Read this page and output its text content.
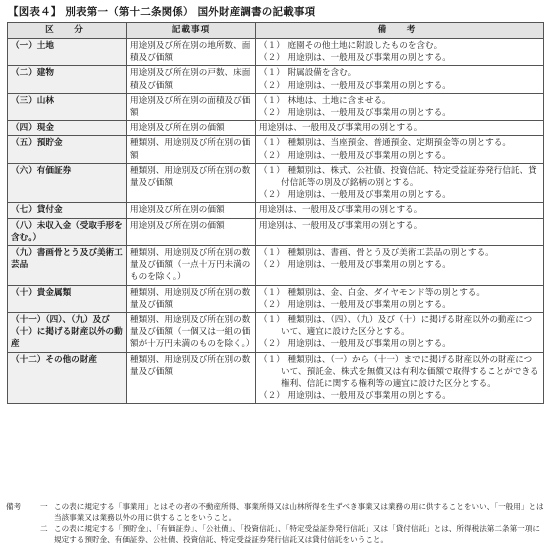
【図表４】 別表第一（第十二条関係） 国外財産調書の記載事項
区　分	記載事項	備　考
（一）土地	用途別及び所在別の地所数、面積及び価額	（１） 庭園その他土地に附設したものを含む。
（２） 用途別は、一般用及び事業用の別とする。

（二）建物	用途別及び所在別の戸数、床面積及び価額	（１） 附属設備を含む。
（２） 用途別は、一般用及び事業用の別とする。

（三）山林	用途別及び所在別の面積及び価額	（１） 林地は、土地に含ませる。
（２） 用途別は、一般用及び事業用の別とする。

（四）現金	用途別及び所在別の価額	用途別は、一般用及び事業用の別とする。

（五）預貯金	種類別、用途別及び所在別の価額	（１） 種類別は、当座預金、普通預金、定期預金等の別とする。
（２） 用途別は、一般用及び事業用の別とする。

（六）有価証券	種類別、用途別及び所在別の数量及び価額	（１） 種類別は、株式、公社債、投資信託、特定受益証券発行信託、貸付信託等の別及び銘柄の別とする。
（２） 用途別は、一般用及び事業用の別とする。

（七）貸付金	用途別及び所在別の価額	用途別は、一般用及び事業用の別とする。

（八）未収入金（受取手形を含む。）	用途別及び所在別の価額	用途別は、一般用及び事業用の別とする。

（九）書画骨とう及び美術工芸品	種類別、用途別及び所在別の数量及び価額（一点十万円未満のものを除く。）	（１） 種類別は、書画、骨とう及び美術工芸品の別とする。
（２） 用途別は、一般用及び事業用の別とする。

（十）貴金属類	種類別、用途別及び所在別の数量及び価額	（１） 種類別は、金、白金、ダイヤモンド等の別とする。
（２） 用途別は、一般用及び事業用の別とする。

（十一）（四）、（九）及び（十）に掲げる財産以外の動産	種類別、用途別及び所在別の数量及び価額（一個又は一組の価額が十万円未満のものを除く。）	（１） 種類別は、（四）、（九）及び（十）に掲げる財産以外の動産について、適宜に設けた区分とする。
（２） 用途別は、一般用及び事業用の別とする。

（十二）その他の財産	種類別、用途別及び所在別の数量及び価額	（１） 種類別は、（一）から（十一）までに掲げる財産以外の財産について、預託金、株式を無償又は有利な価額で取得することができる権利、信託に関する権利等の適宜に設けた区分とする。
（２） 用途別は、一般用及び事業用の別とする。
備考	一 この表に規定する「事業用」とはその者の不動産所得、事業所得又は山林所得を生ずべき事業又は業務の用に供することをいい、「一般用」とは当該事業又は業務以外の用に供することをいうこと。
二 この表に規定する「預貯金」、「有価証券」、「公社債」、「投資信託」、「特定受益証券発行信託」又は「貸付信託」とは、所得税法第二条第一項に規定する預貯金、有価証券、公社債、投資信託、特定受益証券発行信託又は貸付信託をいうこと。
